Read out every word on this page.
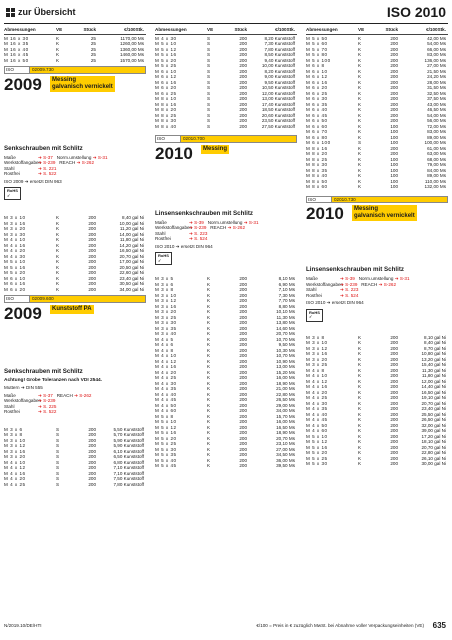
zur Übersicht	ISO 2010
Abmessungen	VE	Stück	€/100Stk.
M 16 x 30	K	25	1170,00 Ms
M 16 x 35	K	25	1260,00 Ms
M 16 x 40	K	25	1360,00 Ms
M 16 x 45	K	25	1460,00 Ms
M 16 x 50	K	25	1570,00 Ms
ISO	02009.730
2009	Messing
galvanisch vernickelt
Senkschrauben mit Schlitz
Maße	➔ S-37 Norm.umstellung ➔ S-31
Werkstoffangaben➔ S-239 REACH ➔ S-262
Stahl	➔ S. 221
Rostfrei	➔ S. 522
ISO 2009 ➔ ersetzt DIN 963
RoHS
✓
M 3 x 10	K	200	8,40 gal Ni
M 3 x 16	K	200	10,00 gal Ni
M 3 x 20	K	200	11,20 gal Ni
M 3 x 30	K	200	14,00 gal Ni
M 4 x 10	K	200	11,80 gal Ni
M 4 x 16	K	200	14,20 gal Ni
M 4 x 20	K	200	16,50 gal Ni
M 4 x 30	K	200	20,70 gal Ni
M 5 x 10	K	200	17,00 gal Ni
M 5 x 16	K	200	20,50 gal Ni
M 5 x 20	K	200	22,60 gal Ni
M 6 x 10	K	200	23,40 gal Ni
M 6 x 16	K	200	30,50 gal Ni
M 6 x 20	K	200	34,00 gal Ni
ISO	02009.600
2009	Kunststoff PA
Senkschrauben mit Schlitz
Achtung! Grobe Toleranzen nach VDI 2544.
Muttern ➔ DIN 555
Maße	➔ S-37 REACH ➔ S-262
Werkstoffangaben➔ S-239
Stahl	➔ S. 225
Rostfrei	➔ S. 522
M 3 x 6	S	200	5,50 Kunststoff
M 3 x 8	S	200	5,70 Kunststoff
M 3 x 10	S	200	5,90 Kunststoff
M 3 x 12	S	200	5,90 Kunststoff
M 3 x 16	S	200	6,10 Kunststoff
M 3 x 20	S	200	6,50 Kunststoff
M 4 x 10	S	200	6,80 Kunststoff
M 4 x 12	S	200	7,10 Kunststoff
M 4 x 16	S	200	7,10 Kunststoff
M 4 x 20	S	200	7,50 Kunststoff
M 4 x 25	S	200	7,80 Kunststoff
Abmessungen	VE	Stück	€/100Stk.
M 4 x 30	S	200	8,20 Kunststoff
M 5 x 10	S	200	7,30 Kunststoff
M 5 x 12	S	200	7,80 Kunststoff
M 5 x 16	S	200	8,50 Kunststoff
M 5 x 20	S	200	9,40 Kunststoff
M 5 x 25	S	200	10,00 Kunststoff
M 6 x 10	S	200	8,20 Kunststoff
M 6 x 12	S	200	9,00 Kunststoff
M 6 x 16	S	200	9,50 Kunststoff
M 6 x 20	S	200	10,50 Kunststoff
M 6 x 25	S	200	12,00 Kunststoff
M 8 x 10	S	200	13,00 Kunststoff
M 8 x 16	S	200	17,40 Kunststoff
M 8 x 20	S	200	18,50 Kunststoff
M 8 x 25	S	200	20,60 Kunststoff
M 8 x 30	S	200	23,50 Kunststoff
M 8 x 40	S	200	27,50 Kunststoff
ISO	02010.700
2010	Messing
Linsensenkschrauben mit Schlitz
Maße	➔ S-39 Norm.umstellung ➔ S-31
Werkstoffangaben➔ S-239 REACH ➔ S-262
Stahl	➔ S. 223
Rostfrei	➔ S. 524
ISO 2010 ➔ ersetzt DIN 964
RoHS
✓
M 3 x 5	K	200	8,10 Ms
M 3 x 6	K	200	6,90 Ms
M 3 x 8	K	200	7,10 Ms
M 3 x 10	K	200	7,30 Ms
M 3 x 12	K	200	7,70 Ms
M 3 x 16	K	200	8,80 Ms
M 3 x 20	K	200	10,10 Ms
M 3 x 25	K	200	11,30 Ms
M 3 x 30	K	200	13,80 Ms
M 3 x 35	K	200	14,60 Ms
M 3 x 40	K	200	20,70 Ms
M 4 x 5	K	200	10,70 Ms
M 4 x 6	K	200	9,50 Ms
M 4 x 8	K	200	10,30 Ms
M 4 x 10	K	200	10,70 Ms
M 4 x 12	K	200	10,90 Ms
M 4 x 16	K	200	13,00 Ms
M 4 x 20	K	200	15,20 Ms
M 4 x 25	K	200	16,00 Ms
M 4 x 30	K	200	18,90 Ms
M 4 x 35	K	200	21,00 Ms
M 4 x 40	K	200	22,80 Ms
M 4 x 45	K	200	26,50 Ms
M 4 x 50	K	200	29,00 Ms
M 4 x 60	K	200	34,00 Ms
M 5 x 8	K	200	15,70 Ms
M 5 x 10	K	200	16,00 Ms
M 5 x 12	K	200	16,50 Ms
M 5 x 16	K	200	18,90 Ms
M 5 x 20	K	200	20,70 Ms
M 5 x 25	K	200	23,10 Ms
M 5 x 30	K	200	27,00 Ms
M 5 x 35	K	200	34,50 Ms
M 5 x 40	K	200	36,00 Ms
M 5 x 45	K	200	39,50 Ms
Abmessungen	VE	Stück	€/100Stk.
M 5 x 50	K	200	42,00 Ms
M 5 x 60	K	200	54,00 Ms
M 5 x 70	K	200	66,00 Ms
M 5 x 80	K	200	83,00 Ms
M 5 x 100	K	200	136,00 Ms
M 6 x 8	K	200	27,00 Ms
M 6 x 10	K	200	21,50 Ms
M 6 x 12	K	200	24,20 Ms
M 6 x 16	K	200	28,00 Ms
M 6 x 20	K	200	31,50 Ms
M 6 x 25	K	200	32,50 Ms
M 6 x 30	K	200	37,50 Ms
M 6 x 35	K	200	43,00 Ms
M 6 x 40	K	200	46,50 Ms
M 6 x 45	K	200	54,00 Ms
M 6 x 50	K	200	56,00 Ms
M 6 x 60	K	100	72,00 Ms
M 6 x 70	K	100	83,00 Ms
M 6 x 80	K	100	89,00 Ms
M 6 x 100	S	100	100,00 Ms
M 8 x 16	K	200	61,00 Ms
M 8 x 20	K	200	63,00 Ms
M 8 x 25	K	100	68,00 Ms
M 8 x 30	K	100	79,00 Ms
M 8 x 35	K	100	84,00 Ms
M 8 x 40	K	100	89,00 Ms
M 8 x 50	K	100	110,00 Ms
M 8 x 60	K	100	132,00 Ms
ISO	02010.730
2010	Messing
galvanisch vernickelt
Linsensenkschrauben mit Schlitz
Maße	➔ S-39 Norm.umstellung ➔ S-31
Werkstoffangaben➔ S-239 REACH ➔ S-262
Stahl	➔ S. 223
Rostfrei	➔ S. 524
ISO 2010 ➔ ersetzt DIN 964
RoHS
✓
M 3 x 8	K	200	8,10 gal Ni
M 3 x 10	K	200	8,40 gal Ni
M 3 x 12	K	200	8,70 gal Ni
M 3 x 16	K	200	10,80 gal Ni
M 3 x 20	K	200	13,20 gal Ni
M 3 x 25	K	200	15,40 gal Ni
M 4 x 8	K	200	11,30 gal Ni
M 4 x 10	K	200	11,80 gal Ni
M 4 x 12	K	200	12,00 gal Ni
M 4 x 16	K	200	14,40 gal Ni
M 4 x 20	K	200	16,50 gal Ni
M 4 x 25	K	200	19,10 gal Ni
M 4 x 30	K	200	20,70 gal Ni
M 4 x 35	K	200	23,40 gal Ni
M 4 x 40	K	200	25,50 gal Ni
M 4 x 45	K	200	26,50 gal Ni
M 4 x 50	K	200	32,00 gal Ni
M 4 x 60	K	200	39,00 gal Ni
M 5 x 10	K	200	17,20 gal Ni
M 5 x 12	K	200	18,10 gal Ni
M 5 x 16	K	200	20,70 gal Ni
M 5 x 20	K	200	22,80 gal Ni
M 5 x 25	K	200	26,10 gal Ni
M 5 x 30	K	200	30,00 gal Ni
N/2019.10/DE/HTI	€/100 = Preis in € zuzüglich MwSt. bei Abnahme voller Verpackungseinheiten (VE) 635
